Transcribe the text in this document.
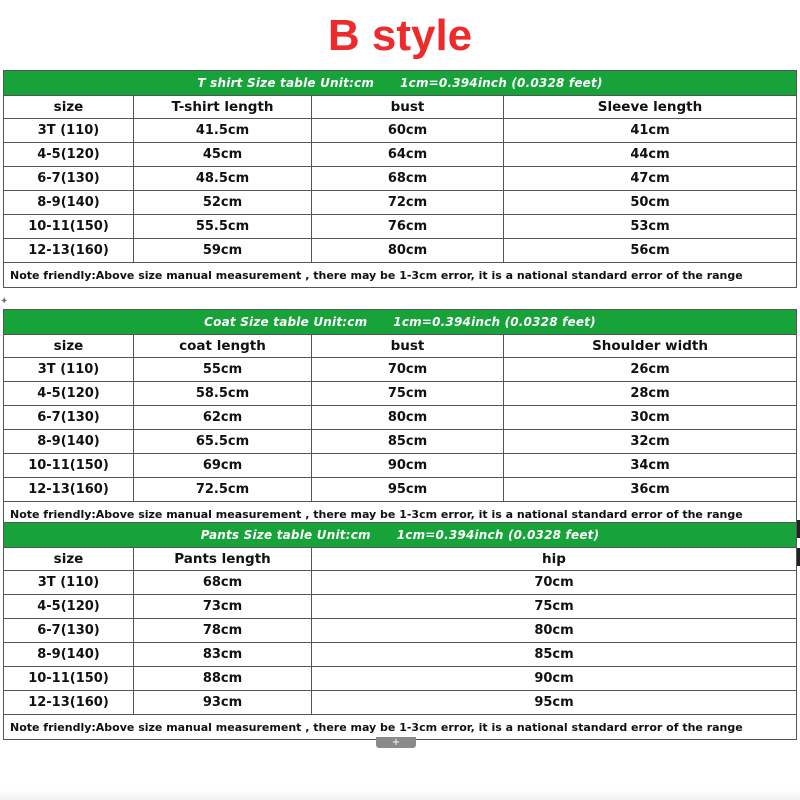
B style
T shirt Size table Unit:cm 1cm=0.394inch (0.0328 feet)			
size	T-shirt length	bust	Sleeve length
3T (110)	41.5cm	60cm	41cm
4-5(120)	45cm	64cm	44cm
6-7(130)	48.5cm	68cm	47cm
8-9(140)	52cm	72cm	50cm
10-11(150)	55.5cm	76cm	53cm
12-13(160)	59cm	80cm	56cm
Note friendly:Above size manual measurement , there may be 1-3cm error, it is a national standard error of the range			
✦
Coat Size table Unit:cm 1cm=0.394inch (0.0328 feet)			
size	coat length	bust	Shoulder width
3T (110)	55cm	70cm	26cm
4-5(120)	58.5cm	75cm	28cm
6-7(130)	62cm	80cm	30cm
8-9(140)	65.5cm	85cm	32cm
10-11(150)	69cm	90cm	34cm
12-13(160)	72.5cm	95cm	36cm
Note friendly:Above size manual measurement , there may be 1-3cm error, it is a national standard error of the range			
Pants Size table Unit:cm 1cm=0.394inch (0.0328 feet)		
size	Pants length	hip
3T (110)	68cm	70cm
4-5(120)	73cm	75cm
6-7(130)	78cm	80cm
8-9(140)	83cm	85cm
10-11(150)	88cm	90cm
12-13(160)	93cm	95cm
Note friendly:Above size manual measurement , there may be 1-3cm error, it is a national standard error of the range		
+
